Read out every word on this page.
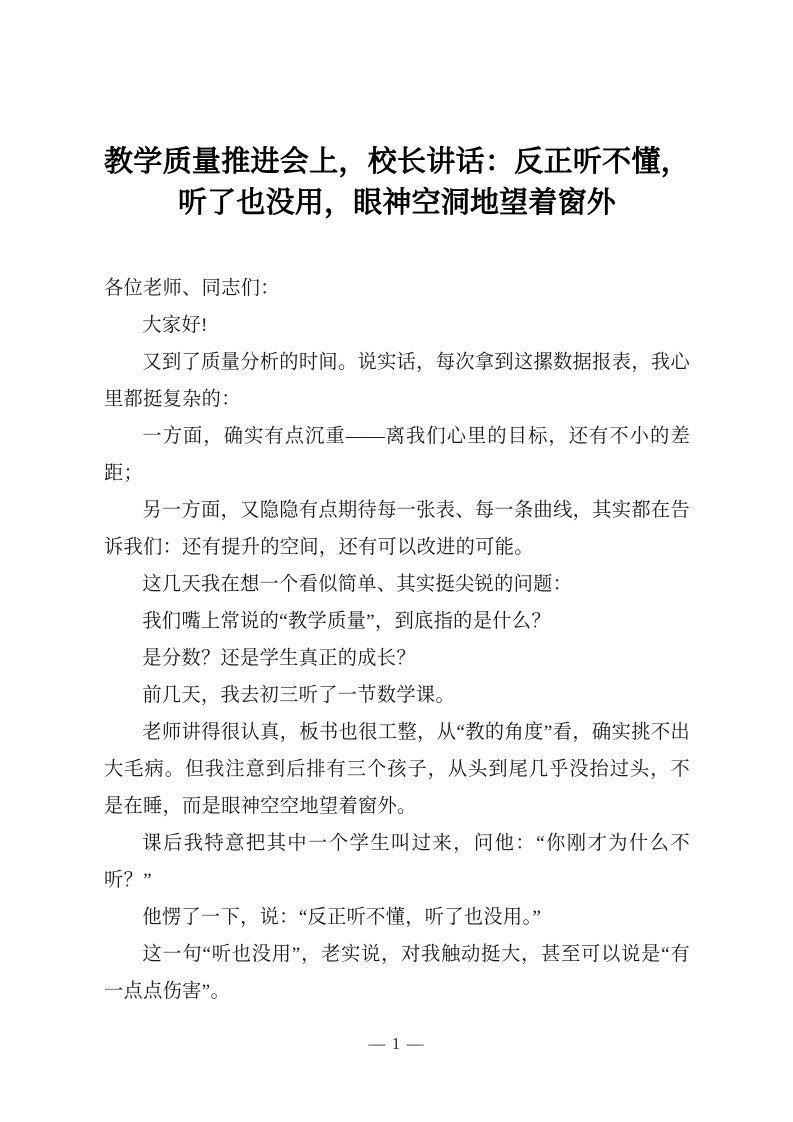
教学质量推进会上，校长讲话：反正听不懂，听了也没用，眼神空洞地望着窗外

各位老师、同志们：

大家好!

又到了质量分析的时间。说实话，每次拿到这摞数据报表，我心里都挺复杂的：

一方面，确实有点沉重——离我们心里的目标，还有不小的差距；

另一方面，又隐隐有点期待每一张表、每一条曲线，其实都在告诉我们：还有提升的空间，还有可以改进的可能。

这几天我在想一个看似简单、其实挺尖锐的问题：

我们嘴上常说的“教学质量”，到底指的是什么？

是分数？还是学生真正的成长？

前几天，我去初三听了一节数学课。

老师讲得很认真，板书也很工整，从“教的角度”看，确实挑不出大毛病。但我注意到后排有三个孩子，从头到尾几乎没抬过头，不是在睡，而是眼神空空地望着窗外。

课后我特意把其中一个学生叫过来，问他：“你刚才为什么不听？”

他愣了一下，说：“反正听不懂，听了也没用。”

这一句“听也没用”，老实说，对我触动挺大，甚至可以说是“有一点点伤害”。

— 1 —
